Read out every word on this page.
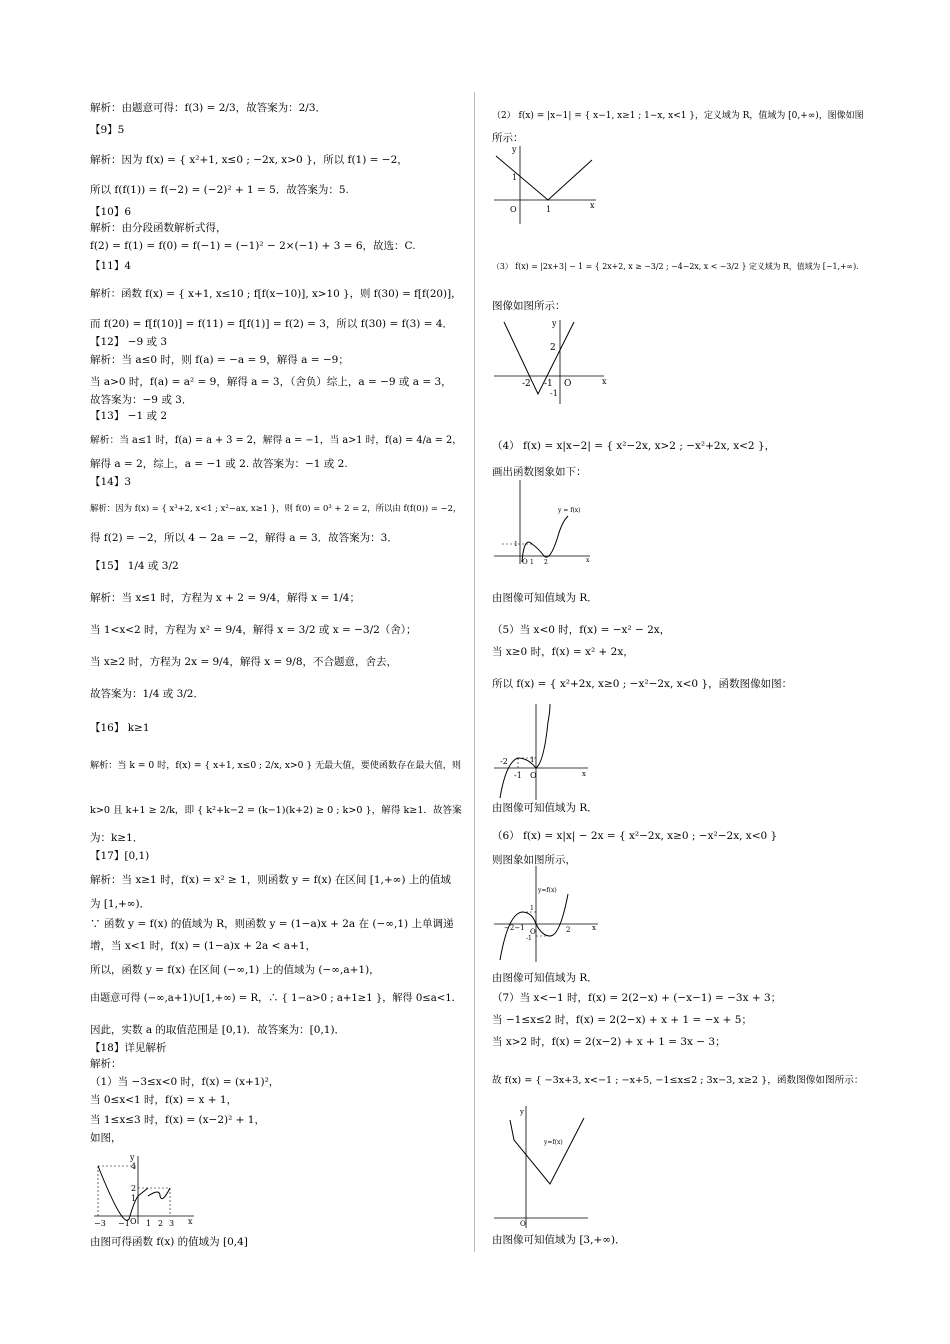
解析：由题意可得：f(3) = 2/3，故答案为：2/3．
【9】5
解析：因为 f(x) = { x²+1, x≤0 ; −2x, x>0 }，所以 f(1) = −2，
所以 f(f(1)) = f(−2) = (−2)² + 1 = 5．故答案为：5.
【10】6
解析：由分段函数解析式得，
f(2) = f(1) = f(0) = f(−1) = (−1)² − 2×(−1) + 3 = 6，故选：C.
【11】4
解析：函数 f(x) = { x+1, x≤10 ; f[f(x−10)], x>10 }，则 f(30) = f[f(20)]，
而 f(20) = f[f(10)] = f(11) = f[f(1)] = f(2) = 3，所以 f(30) = f(3) = 4．
【12】 −9 或 3
解析：当 a≤0 时，则 f(a) = −a = 9，解得 a = −9；
当 a>0 时，f(a) = a² = 9，解得 a = 3，（舍负）综上，a = −9 或 a = 3，
故答案为：−9 或 3．
【13】 −1 或 2
解析：当 a≤1 时，f(a) = a + 3 = 2，解得 a = −1，当 a>1 时，f(a) = 4/a = 2，
解得 a = 2，综上，a = −1 或 2. 故答案为：−1 或 2.
【14】3
解析：因为 f(x) = { x³+2, x<1 ; x²−ax, x≥1 }，则 f(0) = 0³ + 2 = 2，所以由 f(f(0)) = −2，
得 f(2) = −2，所以 4 − 2a = −2，解得 a = 3．故答案为：3．
【15】 1/4 或 3/2
解析：当 x≤1 时，方程为 x + 2 = 9/4，解得 x = 1/4；
当 1<x<2 时，方程为 x² = 9/4，解得 x = 3/2 或 x = −3/2（舍）；
当 x≥2 时，方程为 2x = 9/4，解得 x = 9/8，不合题意，舍去，
故答案为：1/4 或 3/2．
【16】 k≥1
解析：当 k = 0 时，f(x) = { x+1, x≤0 ; 2/x, x>0 } 无最大值，要使函数存在最大值，则
k>0 且 k+1 ≥ 2/k，即 { k²+k−2 = (k−1)(k+2) ≥ 0 ; k>0 }，解得 k≥1．故答案
为：k≥1．
【17】[0,1)
解析：当 x≥1 时，f(x) = x² ≥ 1，则函数 y = f(x) 在区间 [1,+∞) 上的值域
为 [1,+∞)．
∵ 函数 y = f(x) 的值域为 R，则函数 y = (1−a)x + 2a 在 (−∞,1) 上单调递
增，当 x<1 时，f(x) = (1−a)x + 2a < a+1，
所以，函数 y = f(x) 在区间 (−∞,1) 上的值域为 (−∞,a+1)，
由题意可得 (−∞,a+1)∪[1,+∞) = R，∴ { 1−a>0 ; a+1≥1 }，解得 0≤a<1．
因此，实数 a 的取值范围是 [0,1)．故答案为：[0,1)．
【18】详见解析
解析：
（1）当 −3≤x<0 时，f(x) = (x+1)²，
当 0≤x<1 时，f(x) = x + 1，
当 1≤x≤3 时，f(x) = (x−2)² + 1，
如图，
由图可得函数 f(x) 的值域为 [0,4]
（2） f(x) = |x−1| = { x−1, x≥1 ; 1−x, x<1 }，定义域为 R，值域为 [0,+∞)，图像如图
所示：
（3） f(x) = |2x+3| − 1 = { 2x+2, x ≥ −3/2 ; −4−2x, x < −3/2 } 定义域为 R，值域为 [−1,+∞)．
图像如图所示：
（4） f(x) = x|x−2| = { x²−2x, x>2 ; −x²+2x, x<2 }，
画出函数图象如下：
由图像可知值域为 R．
（5）当 x<0 时，f(x) = −x² − 2x，
当 x≥0 时，f(x) = x² + 2x，
所以 f(x) = { x²+2x, x≥0 ; −x²−2x, x<0 }，函数图像如图：
由图像可知值域为 R．
（6） f(x) = x|x| − 2x = { x²−2x, x≥0 ; −x²−2x, x<0 }
则图象如图所示，
由图像可知值域为 R．
（7）当 x<−1 时，f(x) = 2(2−x) + (−x−1) = −3x + 3；
当 −1≤x≤2 时，f(x) = 2(2−x) + x + 1 = −x + 5；
当 x>2 时，f(x) = 2(x−2) + x + 1 = 3x − 3；
故 f(x) = { −3x+3, x<−1 ; −x+5, −1≤x≤2 ; 3x−3, x≥2 }，函数图像如图所示：
由图像可知值域为 [3,+∞)．
y
x
O
4
2
1
−3 −1 1 2 3
y
x
O
1
1
y
x
O
2
-1
-2 -1
x
O
1
1 2
y = f(x)
x
O
1
-2
-1
x
O
y=f(x)
1
-1
2
−2−1
y
O
y=f(x)
